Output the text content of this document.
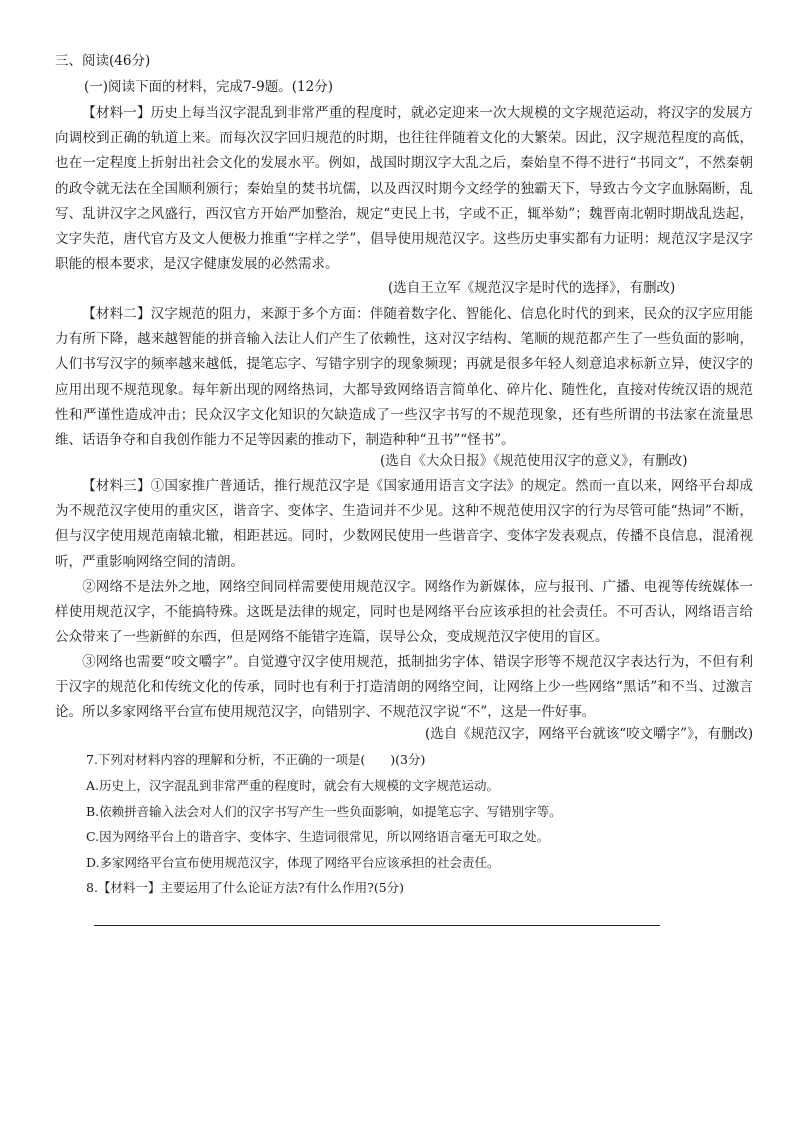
三、阅读(46分)
(一)阅读下面的材料，完成7-9题。(12分)
【材料一】历史上每当汉字混乱到非常严重的程度时，就必定迎来一次大规模的文字规范运动，将汉字的发展方向调校到正确的轨道上来。而每次汉字回归规范的时期，也往往伴随着文化的大繁荣。因此，汉字规范程度的高低，也在一定程度上折射出社会文化的发展水平。例如，战国时期汉字大乱之后，秦始皇不得不进行“书同文”，不然秦朝的政令就无法在全国顺利颁行；秦始皇的焚书坑儒，以及西汉时期今文经学的独霸天下，导致古今文字血脉隔断，乱写、乱讲汉字之风盛行，西汉官方开始严加整治，规定“吏民上书，字或不正，辄举劾”；魏晋南北朝时期战乱迭起，文字失范，唐代官方及文人便极力推重“字样之学”，倡导使用规范汉字。这些历史事实都有力证明：规范汉字是汉字职能的根本要求，是汉字健康发展的必然需求。
(选自王立军《规范汉字是时代的选择》，有删改)
【材料二】汉字规范的阻力，来源于多个方面：伴随着数字化、智能化、信息化时代的到来，民众的汉字应用能力有所下降，越来越智能的拼音输入法让人们产生了依赖性，这对汉字结构、笔顺的规范都产生了一些负面的影响，人们书写汉字的频率越来越低，提笔忘字、写错字别字的现象频现；再就是很多年轻人刻意追求标新立异，使汉字的应用出现不规范现象。每年新出现的网络热词，大都导致网络语言简单化、碎片化、随性化，直接对传统汉语的规范性和严谨性造成冲击；民众汉字文化知识的欠缺造成了一些汉字书写的不规范现象，还有些所谓的书法家在流量思维、话语争夺和自我创作能力不足等因素的推动下，制造种种“丑书”“怪书”。
(选自《大众日报》《规范使用汉字的意义》，有删改)
【材料三】①国家推广普通话，推行规范汉字是《国家通用语言文字法》的规定。然而一直以来，网络平台却成为不规范汉字使用的重灾区，谐音字、变体字、生造词并不少见。这种不规范使用汉字的行为尽管可能“热词”不断，但与汉字使用规范南辕北辙，相距甚远。同时，少数网民使用一些谐音字、变体字发表观点，传播不良信息，混淆视听，严重影响网络空间的清朗。
②网络不是法外之地，网络空间同样需要使用规范汉字。网络作为新媒体，应与报刊、广播、电视等传统媒体一样使用规范汉字，不能搞特殊。这既是法律的规定，同时也是网络平台应该承担的社会责任。不可否认，网络语言给公众带来了一些新鲜的东西，但是网络不能错字连篇，误导公众，变成规范汉字使用的盲区。
③网络也需要“咬文嚼字”。自觉遵守汉字使用规范，抵制拙劣字体、错误字形等不规范汉字表达行为，不但有利于汉字的规范化和传统文化的传承，同时也有利于打造清朗的网络空间，让网络上少一些网络“黑话”和不当、过激言论。所以多家网络平台宣布使用规范汉字，向错别字、不规范汉字说“不”，这是一件好事。
(选自《规范汉字，网络平台就该“咬文嚼字”》，有删改)
7.下列对材料内容的理解和分析，不正确的一项是(　　)(3分)
A.历史上，汉字混乱到非常严重的程度时，就会有大规模的文字规范运动。
B.依赖拼音输入法会对人们的汉字书写产生一些负面影响，如提笔忘字、写错别字等。
C.因为网络平台上的谐音字、变体字、生造词很常见，所以网络语言毫无可取之处。
D.多家网络平台宣布使用规范汉字，体现了网络平台应该承担的社会责任。
8.【材料一】主要运用了什么论证方法?有什么作用?(5分)
